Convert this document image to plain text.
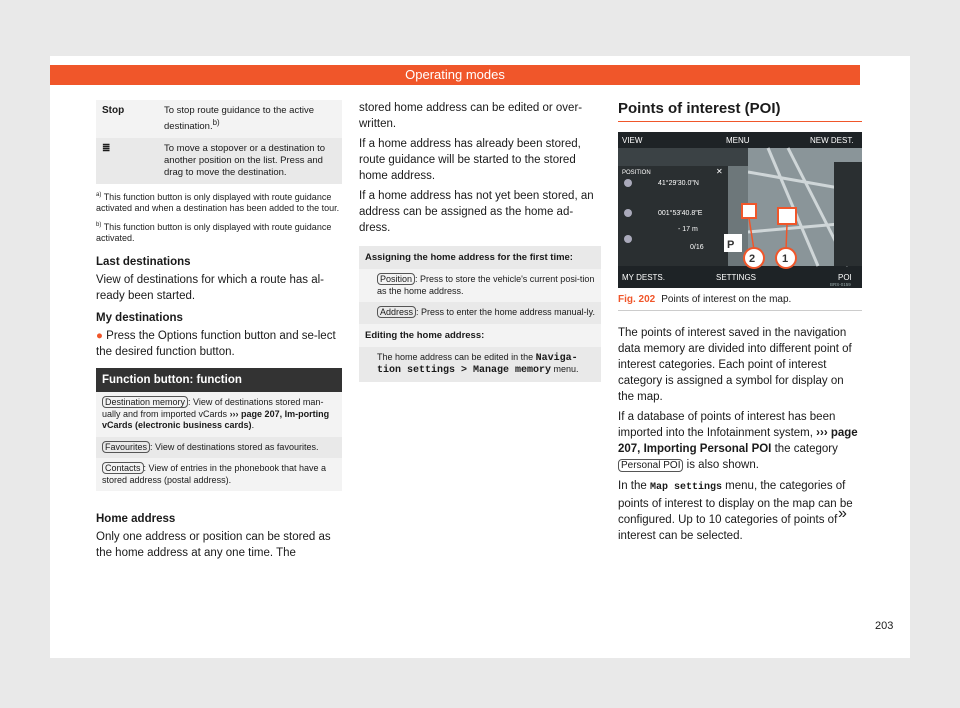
Operating modes
Stop	To stop route guidance to the active destination.$^{b)}$
≣	To move a stopover or a destination to another position on the list. Press and drag to move the destination.
$^{a)}$ This function button is only displayed with route guidance activated and when a destination has been added to the tour.
$^{b)}$ This function button is only displayed with route guidance activated.
Last destinations

View of destinations for which a route has al-ready been started.

My destinations

● Press the Options function button and se-lect the desired function button.

Function button: function
Destination memory : View of destinations stored man-ually and from imported vCards ››› page 207, Im-porting vCards (electronic business cards).
Favourites : View of destinations stored as favourites.
Contacts : View of entries in the phonebook that have a stored address (postal address).
Home address

Only one address or position can be stored as the home address at any one time. The

stored home address can be edited or over-written.

If a home address has already been stored, route guidance will be started to the stored home address.

If a home address has not yet been stored, an address can be assigned as the home ad-dress.

Assigning the home address for the first time:
Position : Press to store the vehicle's current posi-tion as the home address.
Address : Press to enter the home address manual-ly.
Editing the home address:
The home address can be edited in the Naviga-tion settings > Manage memory menu.
Points of interest (POI)
VIEW	MENU	NEW DEST.
POSITION	✕
41°29'30.0"N
001°53'40.8"E
- 17 m
0/16 P
2 1
MY DESTS.	SETTINGS	POI
BRS-0159
Fig. 202 Points of interest on the map.

The points of interest saved in the navigation data memory are divided into different point of interest categories. Each point of interest category is assigned a symbol for display on the map.

If a database of points of interest has been imported into the Infotainment system, ››› page 207, Importing Personal POI the category Personal POI is also shown.

In the Map settings menu, the categories of points of interest to display on the map can be configured. Up to 10 categories of points of interest can be selected.

»
203
